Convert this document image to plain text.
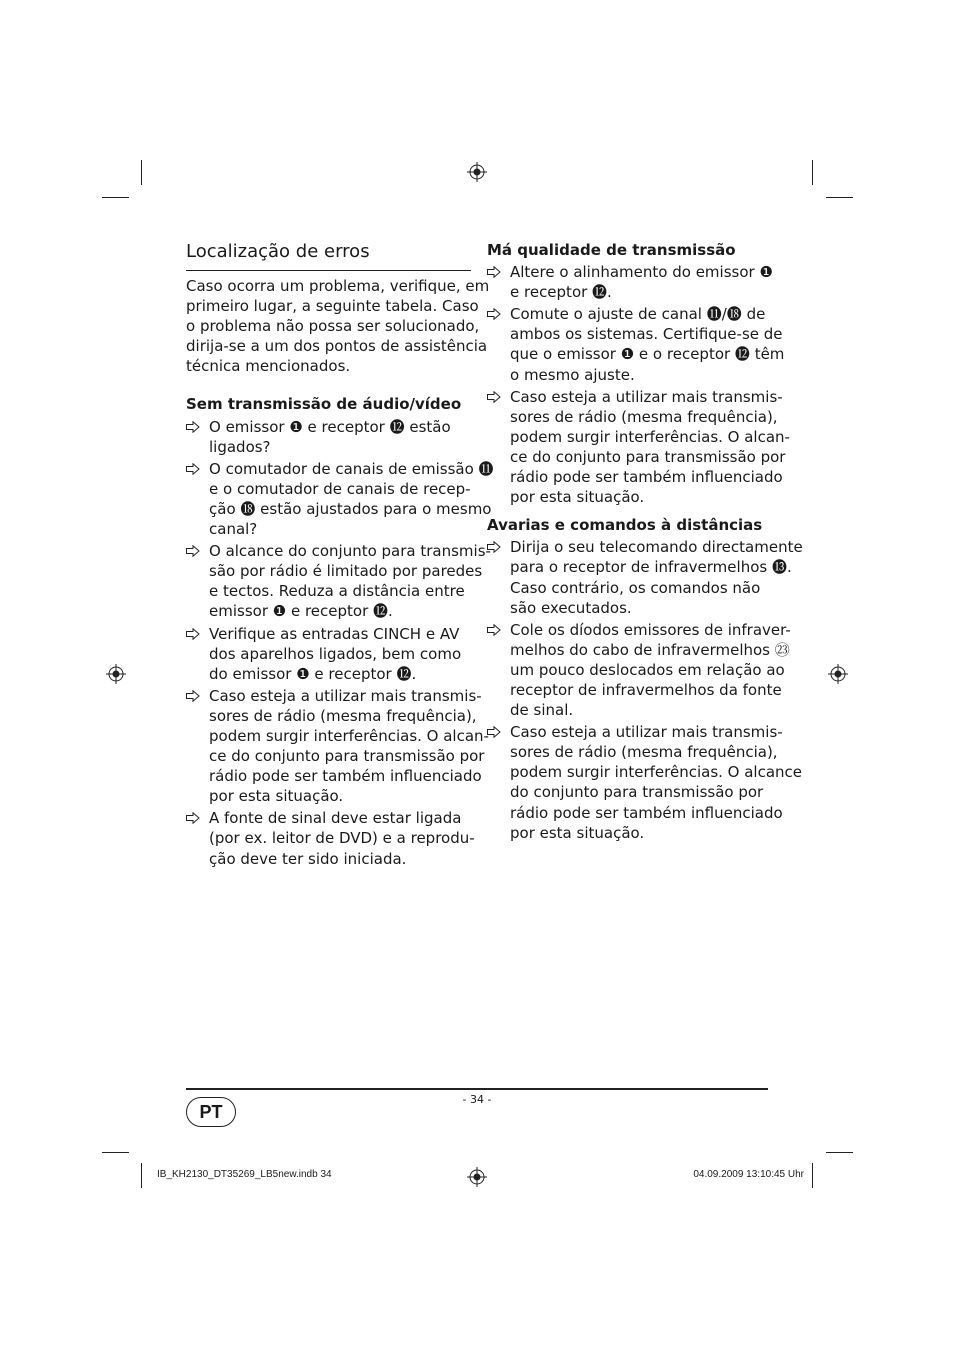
Localização de erros
Caso ocorra um problema, verifique, em
primeiro lugar, a seguinte tabela. Caso
o problema não possa ser solucionado,
dirija-se a um dos pontos de assistência
técnica mencionados.
Sem transmissão de áudio/vídeo
O emissor ❶ e receptor ⓬ estão
ligados?
O comutador de canais de emissão ⓫
e o comutador de canais de recep-
ção ⓲ estão ajustados para o mesmo
canal?
O alcance do conjunto para transmis-
são por rádio é limitado por paredes
e tectos. Reduza a distância entre
emissor ❶ e receptor ⓬.
Verifique as entradas CINCH e AV
dos aparelhos ligados, bem como
do emissor ❶ e receptor ⓬.
Caso esteja a utilizar mais transmis-
sores de rádio (mesma frequência),
podem surgir interferências. O alcan-
ce do conjunto para transmissão por
rádio pode ser também influenciado
por esta situação.
A fonte de sinal deve estar ligada
(por ex. leitor de DVD) e a reprodu-
ção deve ter sido iniciada.
Má qualidade de transmissão
Altere o alinhamento do emissor ❶
e receptor ⓬.
Comute o ajuste de canal ⓫/⓲ de
ambos os sistemas. Certifique-se de
que o emissor ❶ e o receptor ⓬ têm
o mesmo ajuste.
Caso esteja a utilizar mais transmis-
sores de rádio (mesma frequência),
podem surgir interferências. O alcan-
ce do conjunto para transmissão por
rádio pode ser também influenciado
por esta situação.
Avarias e comandos à distâncias
Dirija o seu telecomando directamente
para o receptor de infravermelhos ⓭.
Caso contrário, os comandos não
são executados.
Cole os díodos emissores de infraver-
melhos do cabo de infravermelhos ㉓
um pouco deslocados em relação ao
receptor de infravermelhos da fonte
de sinal.
Caso esteja a utilizar mais transmis-
sores de rádio (mesma frequência),
podem surgir interferências. O alcance
do conjunto para transmissão por
rádio pode ser também influenciado
por esta situação.
- 34 -
PT
IB_KH2130_DT35269_LB5new.indb 34	04.09.2009 13:10:45 Uhr
